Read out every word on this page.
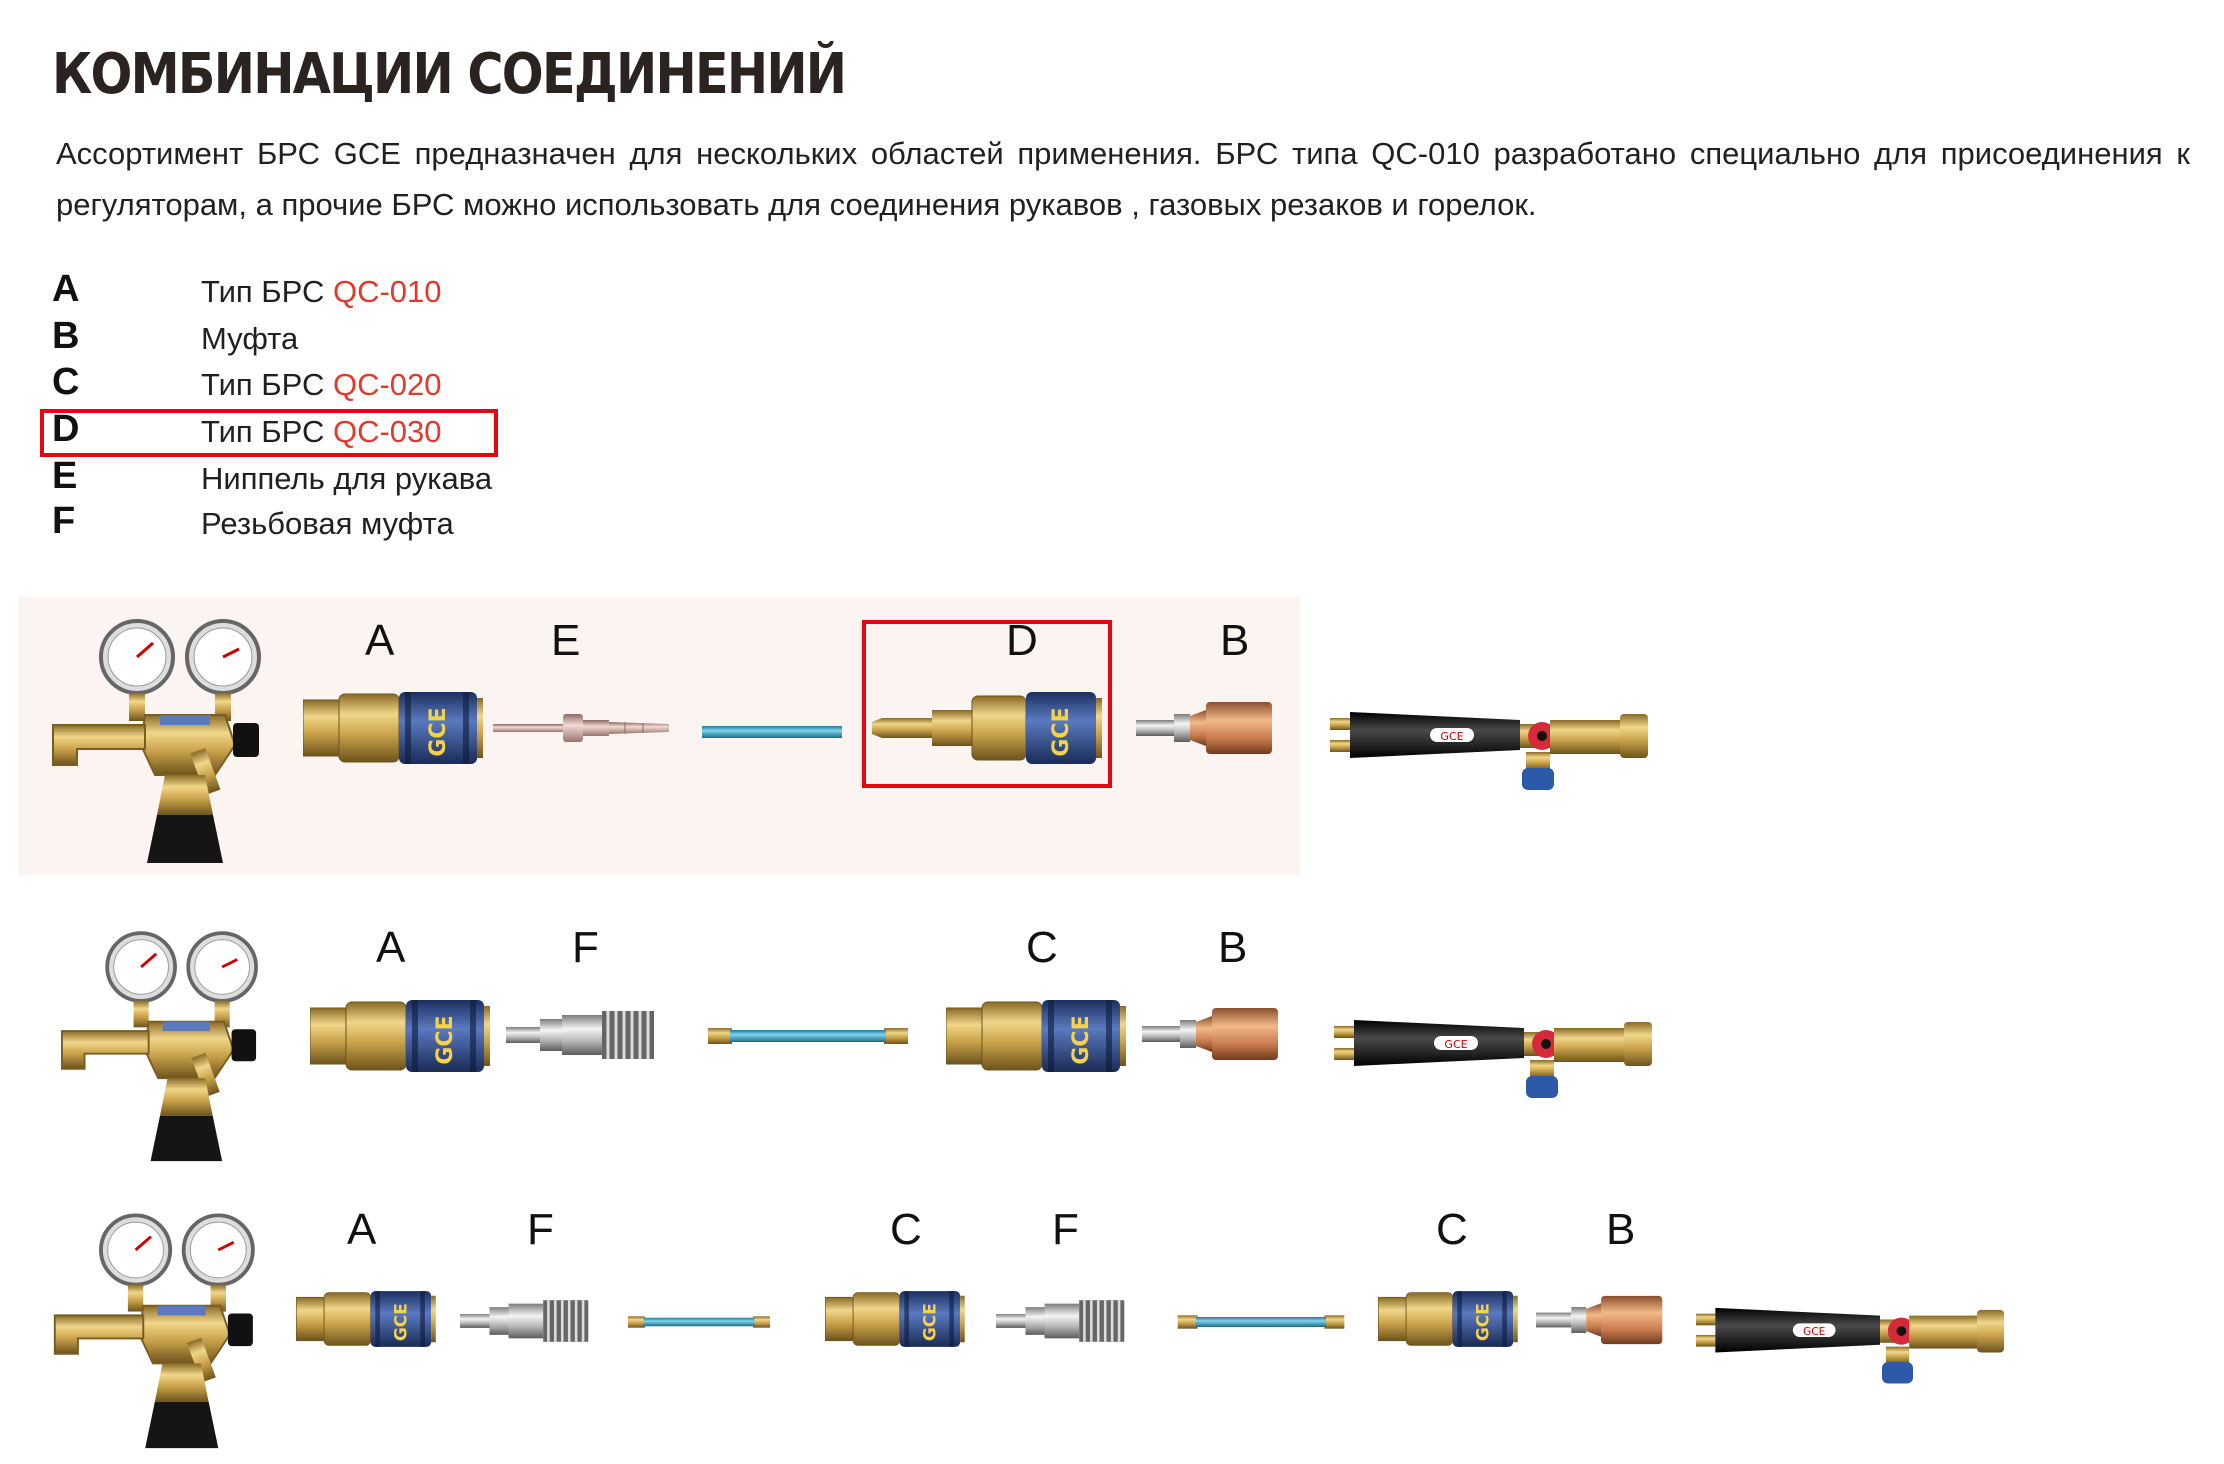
КОМБИНАЦИИ СОЕДИНЕНИЙ
Ассортимент БРС GCE предназначен для нескольких областей применения. БРС типа QC-010 разработано специально для присоединения к регуляторам, а прочие БРС можно использовать для соединения рукавов , газовых резаков и горелок.
A	Тип БРС QC-010
B	Муфта
C	Тип БРС QC-020
D	Тип БРС QC-030
E	Ниппель для рукава
F	Резьбовая муфта
A	E	D	B
A	F	C	B
A	F	C	F	C	B
